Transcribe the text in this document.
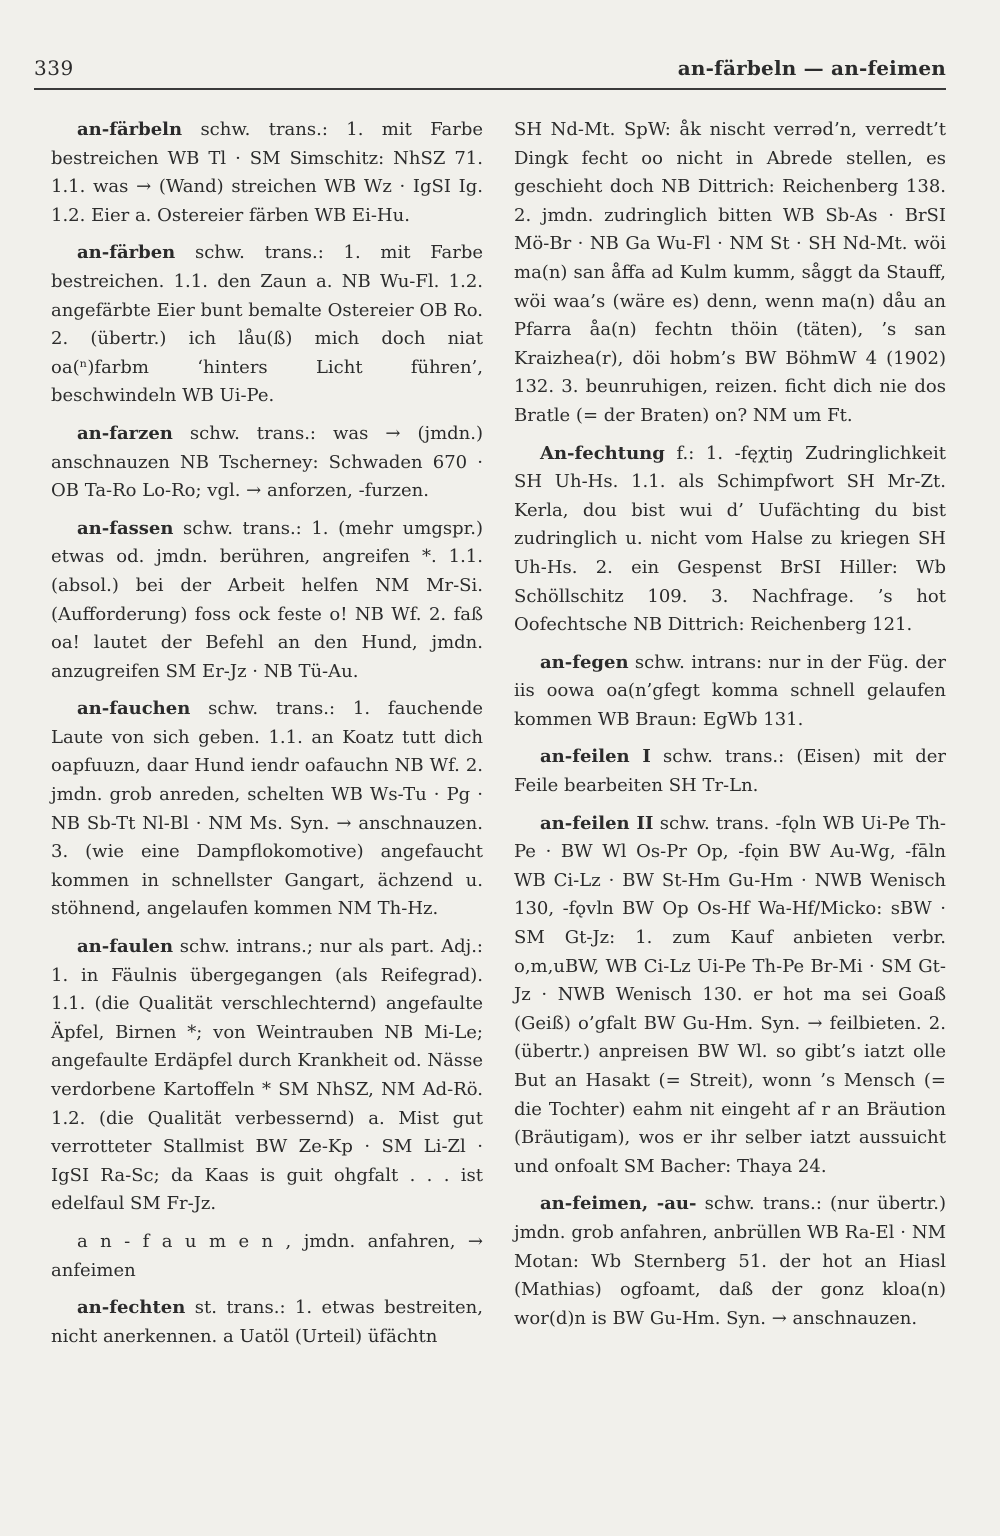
339	an-färbeln — an-feimen

an-färbeln schw. trans.: 1. mit Farbe bestreichen WB Tl · SM Simschitz: NhSZ 71. 1.1. was → (Wand) streichen WB Wz · IgSI Ig. 1.2. Eier a. Ostereier färben WB Ei-Hu.

an-färben schw. trans.: 1. mit Farbe bestreichen. 1.1. den Zaun a. NB Wu-Fl. 1.2. angefärbte Eier bunt bemalte Ostereier OB Ro. 2. (übertr.) ich låu(ß) mich doch niat oa(ⁿ)farbm ‘hinters Licht führen’, beschwindeln WB Ui-Pe.

an-farzen schw. trans.: was → (jmdn.) anschnauzen NB Tscherney: Schwaden 670 · OB Ta-Ro Lo-Ro; vgl. → anforzen, -furzen.

an-fassen schw. trans.: 1. (mehr umgspr.) etwas od. jmdn. berühren, angreifen *. 1.1. (absol.) bei der Arbeit helfen NM Mr-Si. (Aufforderung) foss ock feste o! NB Wf. 2. faß oa! lautet der Befehl an den Hund, jmdn. anzugreifen SM Er-Jz · NB Tü-Au.

an-fauchen schw. trans.: 1. fauchende Laute von sich geben. 1.1. an Koatz tutt dich oapfuuzn, daar Hund iendr oafauchn NB Wf. 2. jmdn. grob anreden, schelten WB Ws-Tu · Pg · NB Sb-Tt Nl-Bl · NM Ms. Syn. → anschnauzen. 3. (wie eine Dampflokomotive) angefaucht kommen in schnellster Gangart, ächzend u. stöhnend, angelaufen kommen NM Th-Hz.

an-faulen schw. intrans.; nur als part. Adj.: 1. in Fäulnis übergegangen (als Reifegrad). 1.1. (die Qualität verschlechternd) angefaulte Äpfel, Birnen *; von Weintrauben NB Mi-Le; angefaulte Erdäpfel durch Krankheit od. Nässe verdorbene Kartoffeln * SM NhSZ, NM Ad-Rö. 1.2. (die Qualität verbessernd) a. Mist gut verrotteter Stallmist BW Ze-Kp · SM Li-Zl · IgSI Ra-Sc; da Kaas is guit ohgfalt . . . ist edelfaul SM Fr-Jz.

a n - f a u m e n , jmdn. anfahren, → anfeimen

an-fechten st. trans.: 1. etwas bestreiten, nicht anerkennen. a Uatöl (Urteil) üfächtn

SH Nd-Mt. SpW: åk nischt verrəd’n, verredt’t Dingk fecht oo nicht in Abrede stellen, es geschieht doch NB Dittrich: Reichenberg 138. 2. jmdn. zudringlich bitten WB Sb-As · BrSI Mö-Br · NB Ga Wu-Fl · NM St · SH Nd-Mt. wöi ma(n) san åffa ad Kulm kumm, såggt da Stauff, wöi waa’s (wäre es) denn, wenn ma(n) dåu an Pfarra åa(n) fechtn thöin (täten), ’s san Kraizhea(r), döi hobm’s BW BöhmW 4 (1902) 132. 3. beunruhigen, reizen. ficht dich nie dos Bratle (= der Braten) on? NM um Ft.

An-fechtung f.: 1. -fęχtiŋ Zudringlichkeit SH Uh-Hs. 1.1. als Schimpfwort SH Mr-Zt. Kerla, dou bist wui d’ Uufächting du bist zudringlich u. nicht vom Halse zu kriegen SH Uh-Hs. 2. ein Gespenst BrSI Hiller: Wb Schöllschitz 109. 3. Nachfrage. ’s hot Oofechtsche NB Dittrich: Reichenberg 121.

an-fegen schw. intrans: nur in der Füg. der iis oowa oa(n’gfegt komma schnell gelaufen kommen WB Braun: EgWb 131.

an-feilen I schw. trans.: (Eisen) mit der Feile bearbeiten SH Tr-Ln.

an-feilen II schw. trans. -fǫln WB Ui-Pe Th-Pe · BW Wl Os-Pr Op, -fǫin BW Au-Wg, -fāln WB Ci-Lz · BW St-Hm Gu-Hm · NWB Wenisch 130, -fǫvln BW Op Os-Hf Wa-Hf/Micko: sBW · SM Gt-Jz: 1. zum Kauf anbieten verbr. o,m,uBW, WB Ci-Lz Ui-Pe Th-Pe Br-Mi · SM Gt-Jz · NWB Wenisch 130. er hot ma sei Goaß (Geiß) o’gfalt BW Gu-Hm. Syn. → feilbieten. 2. (übertr.) anpreisen BW Wl. so gibt’s iatzt olle But an Hasakt (= Streit), wonn ’s Mensch (= die Tochter) eahm nit eingeht af r an Bräution (Bräutigam), wos er ihr selber iatzt aussuicht und onfoalt SM Bacher: Thaya 24.

an-feimen, -au- schw. trans.: (nur übertr.) jmdn. grob anfahren, anbrüllen WB Ra-El · NM Motan: Wb Sternberg 51. der hot an Hiasl (Mathias) ogfoamt, daß der gonz kloa(n) wor(d)n is BW Gu-Hm. Syn. → anschnauzen.
